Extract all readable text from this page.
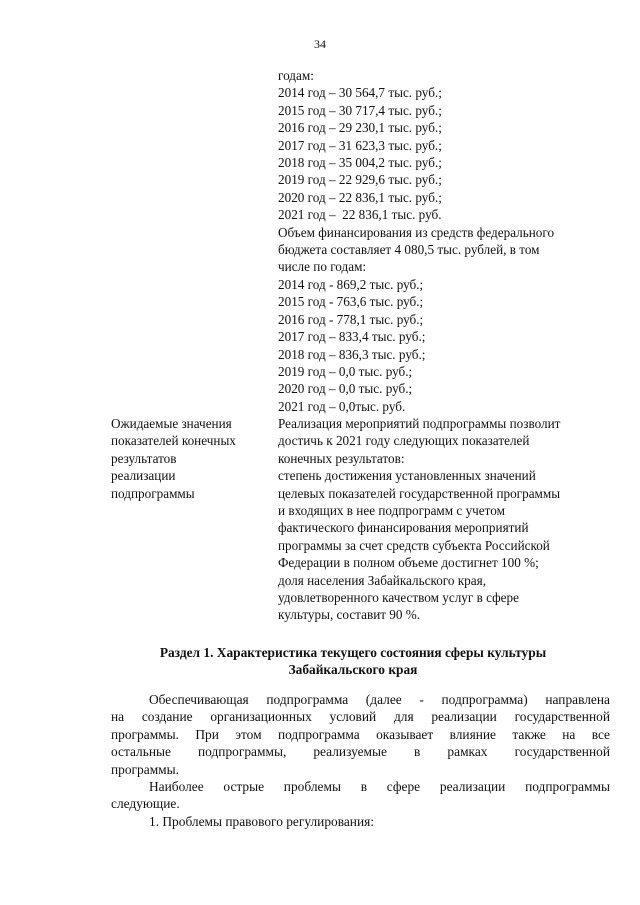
34
годам:
2014 год – 30 564,7 тыс. руб.;
2015 год – 30 717,4 тыс. руб.;
2016 год – 29 230,1 тыс. руб.;
2017 год – 31 623,3 тыс. руб.;
2018 год – 35 004,2 тыс. руб.;
2019 год – 22 929,6 тыс. руб.;
2020 год – 22 836,1 тыс. руб.;
2021 год –  22 836,1 тыс. руб.
Объем финансирования из средств федерального
бюджета составляет 4 080,5 тыс. рублей, в том
числе по годам:
2014 год - 869,2 тыс. руб.;
2015 год - 763,6 тыс. руб.;
2016 год - 778,1 тыс. руб.;
2017 год – 833,4 тыс. руб.;
2018 год – 836,3 тыс. руб.;
2019 год – 0,0 тыс. руб.;
2020 год – 0,0 тыс. руб.;
2021 год – 0,0тыс. руб.
Ожидаемые значения
показателей конечных
результатов
реализации
подпрограммы
Реализация мероприятий подпрограммы позволит
достичь к 2021 году следующих показателей
конечных результатов:
степень достижения установленных значений
целевых показателей государственной программы
и входящих в нее подпрограмм с учетом
фактического финансирования мероприятий
программы за счет средств субъекта Российской
Федерации в полном объеме достигнет 100 %;
доля населения Забайкальского края,
удовлетворенного качеством услуг в сфере
культуры, составит 90 %.
Раздел 1. Характеристика текущего состояния сферы культуры
Забайкальского края
Обеспечивающая подпрограмма (далее - подпрограмма) направлена
на создание организационных условий для реализации государственной
программы. При этом подпрограмма оказывает влияние также на все
остальные подпрограммы, реализуемые в рамках государственной
программы.
Наиболее острые проблемы в сфере реализации подпрограммы
следующие.
1. Проблемы правового регулирования:
